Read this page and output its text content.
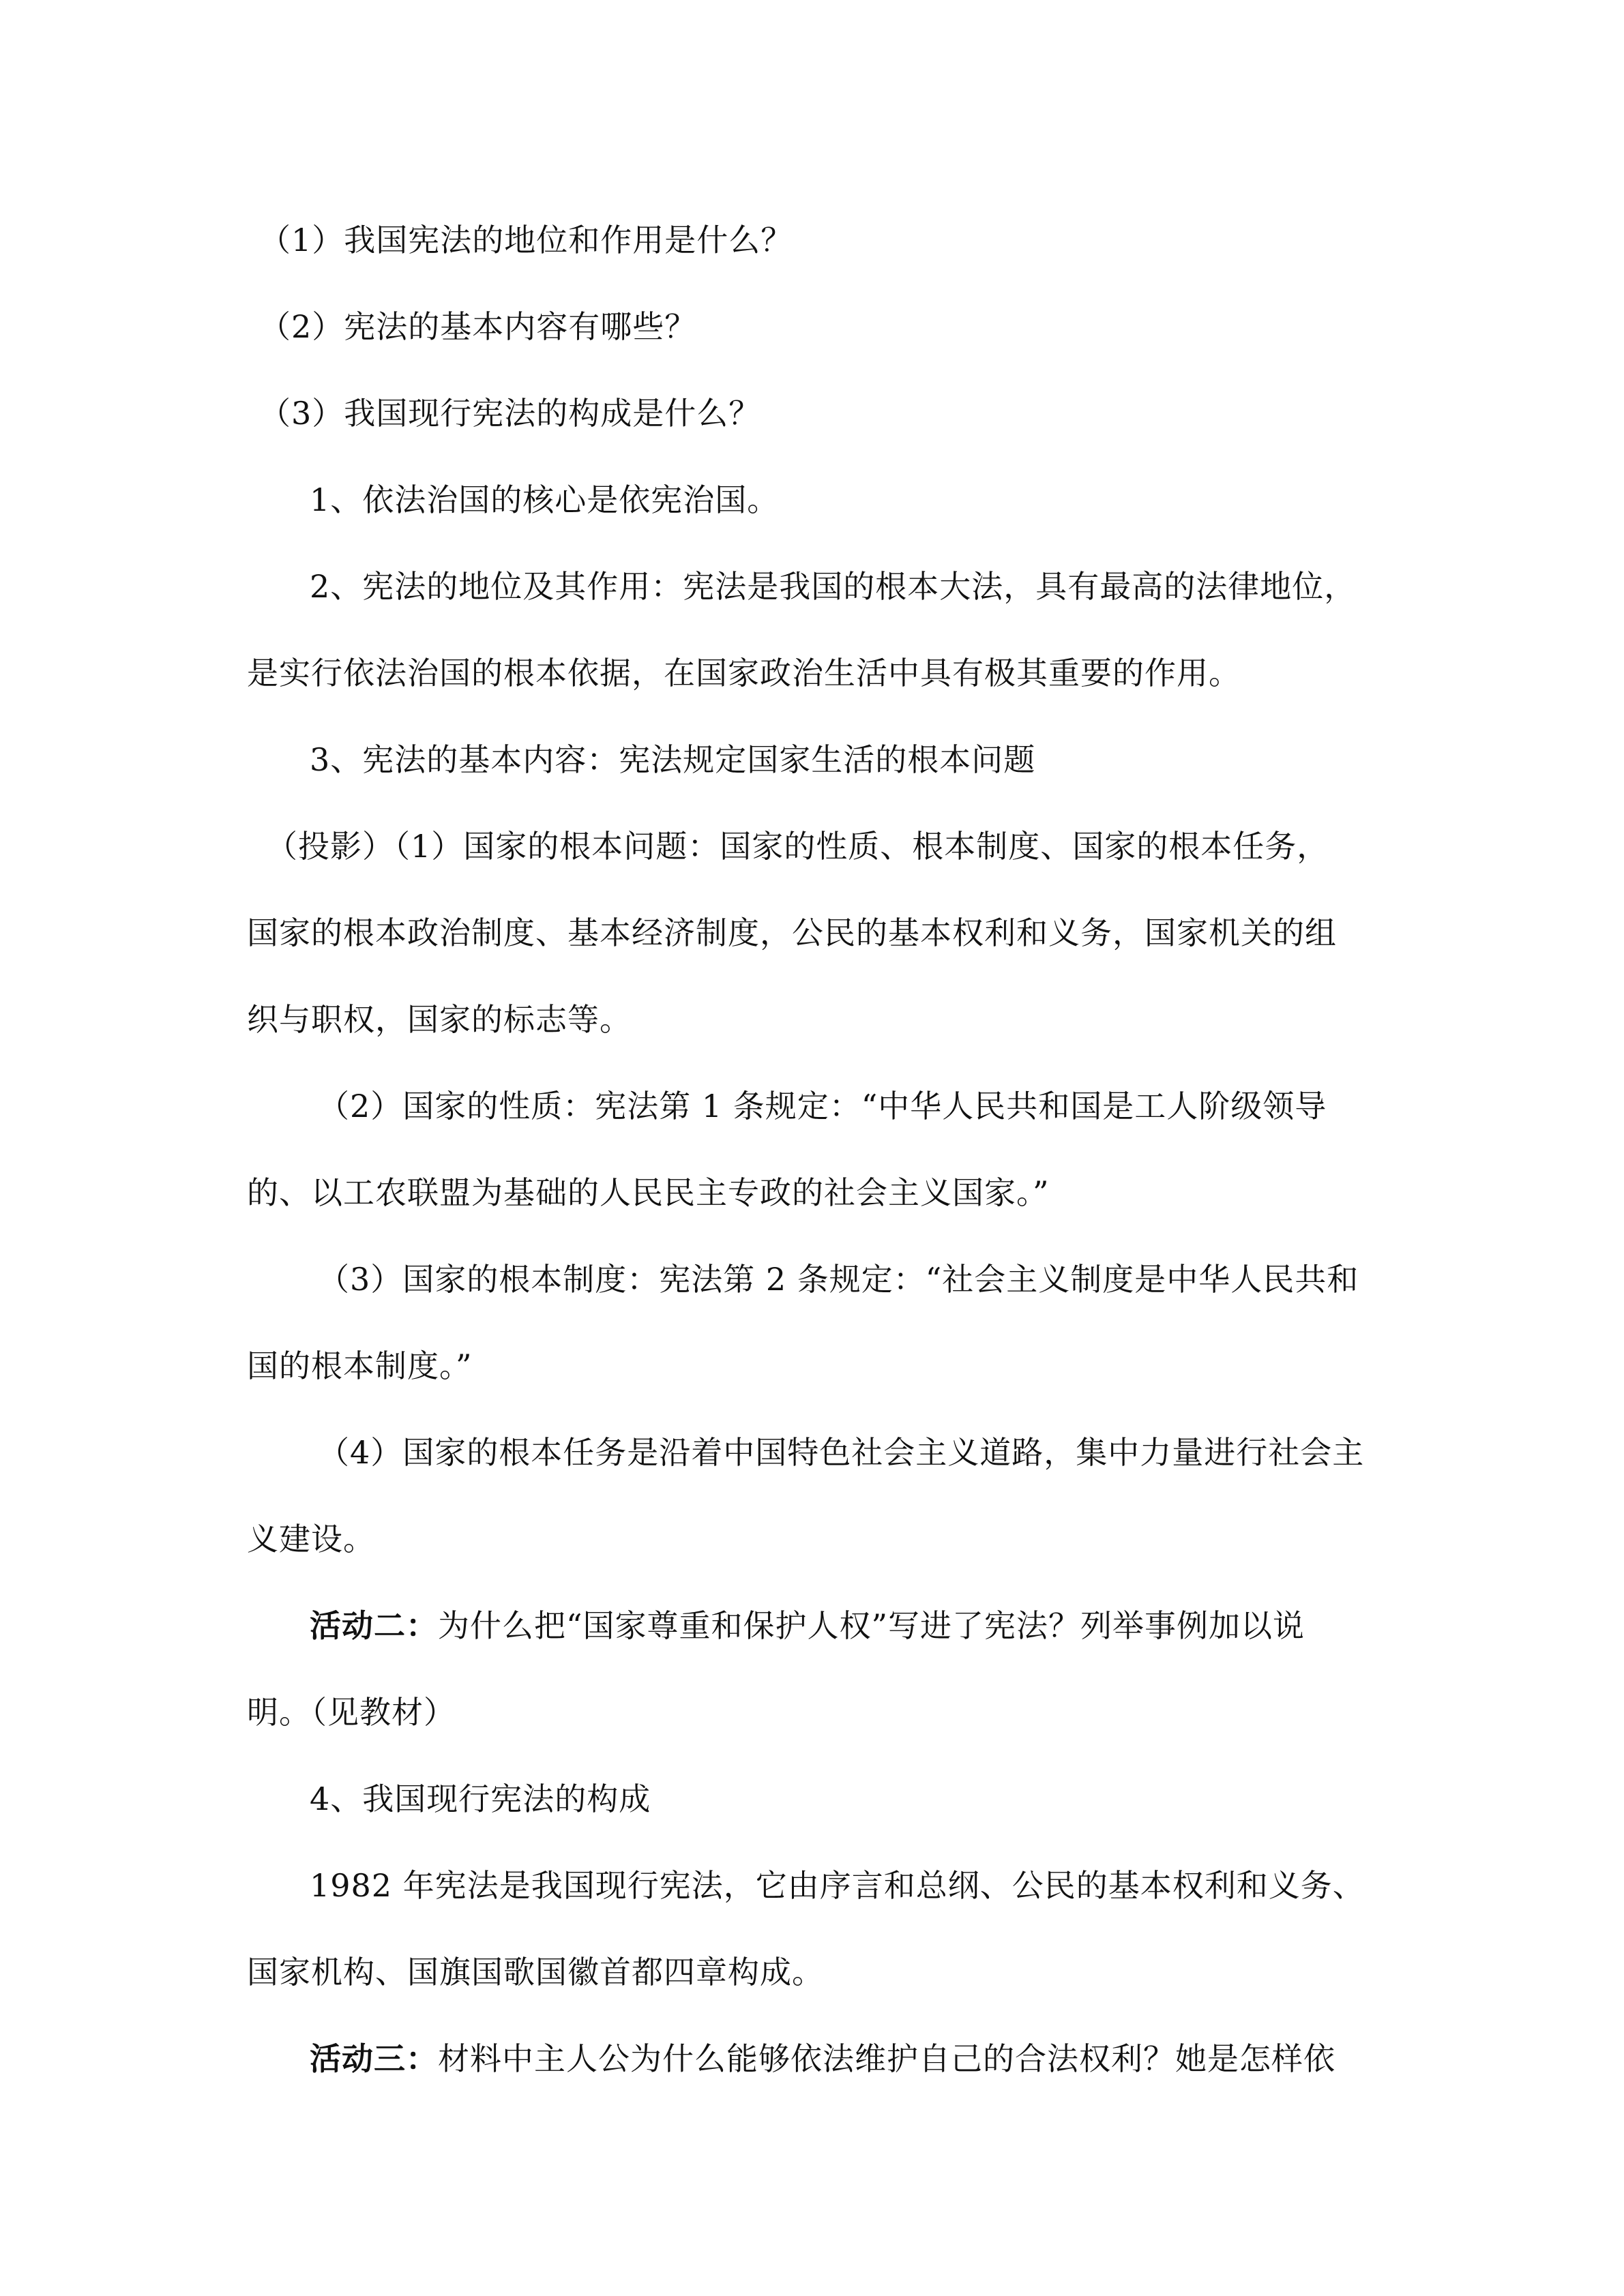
（1）我国宪法的地位和作用是什么？

（2）宪法的基本内容有哪些？

（3）我国现行宪法的构成是什么？

1、依法治国的核心是依宪治国。

2、宪法的地位及其作用：宪法是我国的根本大法，具有最高的法律地位，

是实行依法治国的根本依据，在国家政治生活中具有极其重要的作用。

3、宪法的基本内容：宪法规定国家生活的根本问题

（投影）（1）国家的根本问题：国家的性质、根本制度、国家的根本任务，

国家的根本政治制度、基本经济制度，公民的基本权利和义务，国家机关的组

织与职权，国家的标志等。

（2）国家的性质：宪法第 1 条规定：“中华人民共和国是工人阶级领导

的、以工农联盟为基础的人民民主专政的社会主义国家。”

（3）国家的根本制度：宪法第 2 条规定：“社会主义制度是中华人民共和

国的根本制度。”

（4）国家的根本任务是沿着中国特色社会主义道路，集中力量进行社会主

义建设。

活动二：为什么把“国家尊重和保护人权”写进了宪法？列举事例加以说

明。（见教材）

4、我国现行宪法的构成

1982 年宪法是我国现行宪法，它由序言和总纲、公民的基本权利和义务、

国家机构、国旗国歌国徽首都四章构成。

活动三：材料中主人公为什么能够依法维护自己的合法权利？她是怎样依
